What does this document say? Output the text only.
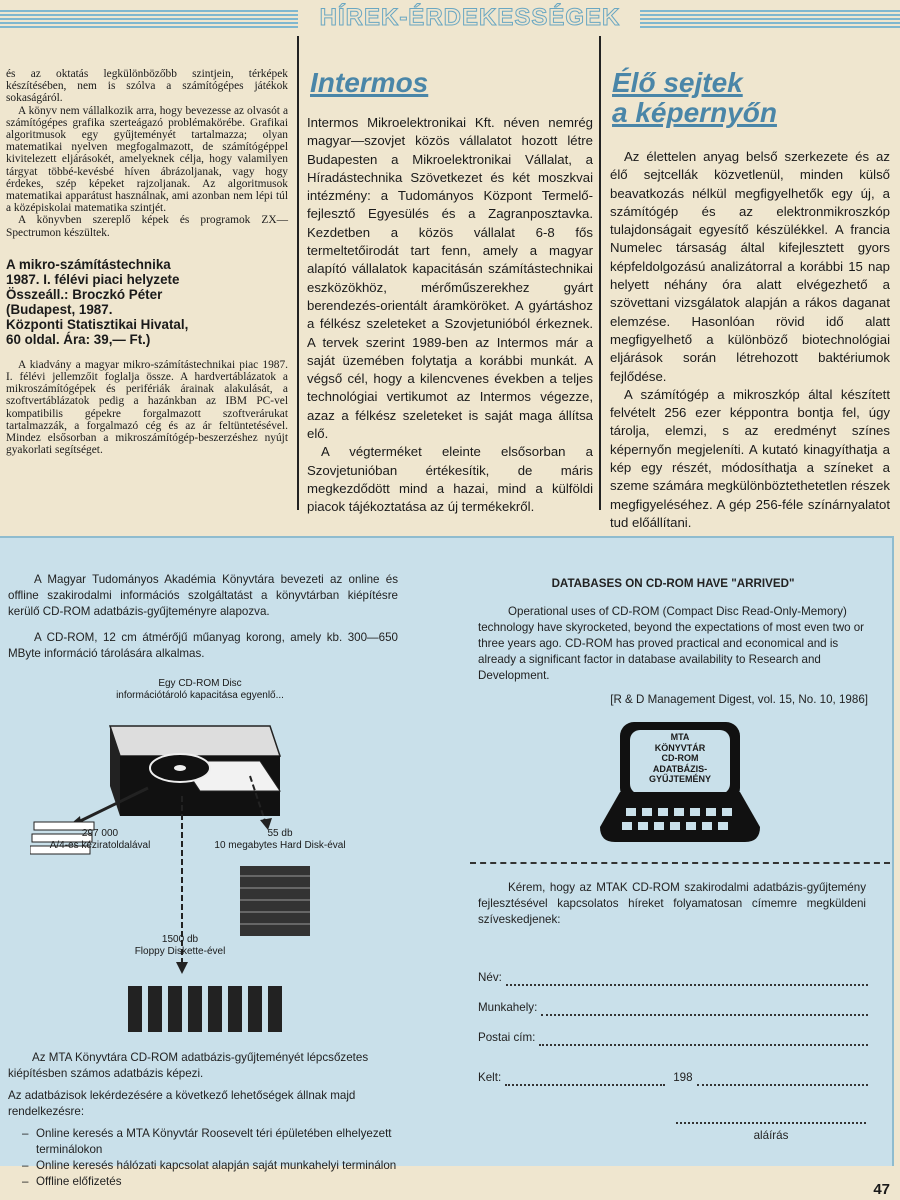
HÍREK-ÉRDEKESSÉGEK

és az oktatás legkülönbözőbb szintjein, térképek készítésében, nem is szólva a számítógépes játékok sokaságáról.

A könyv nem vállalkozik arra, hogy bevezesse az olvasót a számítógépes grafika szerteágazó problémakörébe. Grafikai algoritmusok egy gyűjteményét tartalmazza; olyan matematikai nyelven megfogalmazott, de számítógéppel kivitelezett eljárásokét, amelyeknek célja, hogy valamilyen tárgyat többé-kevésbé híven ábrázoljanak, vagy hogy érdekes, szép képeket rajzoljanak. Az algoritmusok matematikai apparátust használnak, ami azonban nem lépi túl a középiskolai matematika szintjét.

A könyvben szereplő képek és programok ZX—Spectrumon készültek.

A mikro-számítástechnika
1987. I. félévi piaci helyzete
Összeáll.: Broczkó Péter
(Budapest, 1987.
Központi Statisztikai Hivatal,
60 oldal. Ára: 39,— Ft.)

A kiadvány a magyar mikro-számítástechnikai piac 1987. I. félévi jellemzőit foglalja össze. A hardvertáblázatok a mikroszámítógépek és perifériák árainak alakulását, a szoftvertáblázatok pedig a hazánkban az IBM PC-vel kompatibilis gépekre forgalmazott szoftverárukat tartalmazzák, a forgalmazó cég és az ár feltüntetésével. Mindez elsősorban a mikroszámítógép-beszerzéshez nyújt gyakorlati segítséget.

Intermos

Intermos Mikroelektronikai Kft. néven nemrég magyar—szovjet közös vállalatot hozott létre Budapesten a Mikroelektronikai Vállalat, a Híradástechnika Szövetkezet és két moszkvai intézmény: a Tudományos Központ Termelő-fejlesztő Egyesülés és a Zagranposztavka. Kezdetben a közös vállalat 6-8 fős termeltetőirodát tart fenn, amely a magyar alapító vállalatok kapacitásán számítástechnikai eszközökhöz, mérőműszerekhez gyárt berendezés-orientált áramköröket. A gyártáshoz a félkész szeleteket a Szovjetunióból érkeznek. A tervek szerint 1989-ben az Intermos már a saját üzemében folytatja a korábbi munkát. A végső cél, hogy a kilencvenes években a teljes technológiai vertikumot az Intermos végezze, azaz a félkész szeleteket is saját maga állítsa elő.

A végterméket eleinte elsősorban a Szovjetunióban értékesítik, de máris megkezdődött mind a hazai, mind a külföldi piacok tájékoztatása az új termékekről.

Élő sejtek
a képernyőn

Az élettelen anyag belső szerkezete és az élő sejtcellák közvetlenül, minden külső beavatkozás nélkül megfigyelhetők egy új, a számítógép és az elektronmikroszkóp tulajdonságait egyesítő készülékkel. A francia Numelec társaság által kifejlesztett gyors képfeldolgozású analizátorral a korábbi 15 nap helyett néhány óra alatt elvégezhető a szövettani vizsgálatok alapján a rákos daganat elemzése. Hasonlóan rövid idő alatt megfigyelhető a különböző biotechnológiai eljárások során létrehozott baktériumok fejlődése.

A számítógép a mikroszkóp által készített felvételt 256 ezer képpontra bontja fel, úgy tárolja, elemzi, s az eredményt színes képernyőn megjeleníti. A kutató kinagyíthatja a kép egy részét, módosíthatja a színeket a szeme számára megkülönböztethetetlen részek megfigyeléséhez. A gép 256-féle színárnyalatot tud előállítani.

A Magyar Tudományos Akadémia Könyvtára bevezeti az online és offline szakirodalmi információs szolgáltatást a könyvtárban kiépítésre kerülő CD-ROM adatbázis-gyűjteményre alapozva.

A CD-ROM, 12 cm átmérőjű műanyag korong, amely kb. 300—650 MByte információ tárolására alkalmas.

Egy CD-ROM Disc
információtároló kapacitása egyenlő...
297 000
A/4-es kéziratoldalával
55 db
10 megabytes Hard Disk-éval
1500 db
Floppy Diskette-ével

Az MTA Könyvtára CD-ROM adatbázis-gyűjteményét lépcsőzetes kiépítésben számos adatbázis képezi.

Az adatbázisok lekérdezésére a következő lehetőségek állnak majd rendelkezésre:

– Online keresés a MTA Könyvtár Roosevelt téri épületében elhelyezett terminálokon
– Online keresés hálózati kapcsolat alapján saját munkahelyi terminálon
– Offline előfizetés
DATABASES ON CD-ROM HAVE "ARRIVED"

Operational uses of CD-ROM (Compact Disc Read-Only-Memory) technology have skyrocketed, beyond the expectations of most even two or three years ago. CD-ROM has proved practical and economical and is already a significant factor in database availability to Research and Development.

[R & D Management Digest, vol. 15, No. 10, 1986]
MTA
KÖNYVTÁR
CD-ROM
ADATBÁZIS-
GYŰJTEMÉNY

Kérem, hogy az MTAK CD-ROM szakirodalmi adatbázis-gyűjtemény fejlesztésével kapcsolatos híreket folyamatosan címemre megküldeni szíveskedjenek:

Név:
Munkahely:
Postai cím:
Kelt:	198
aláírás
47
